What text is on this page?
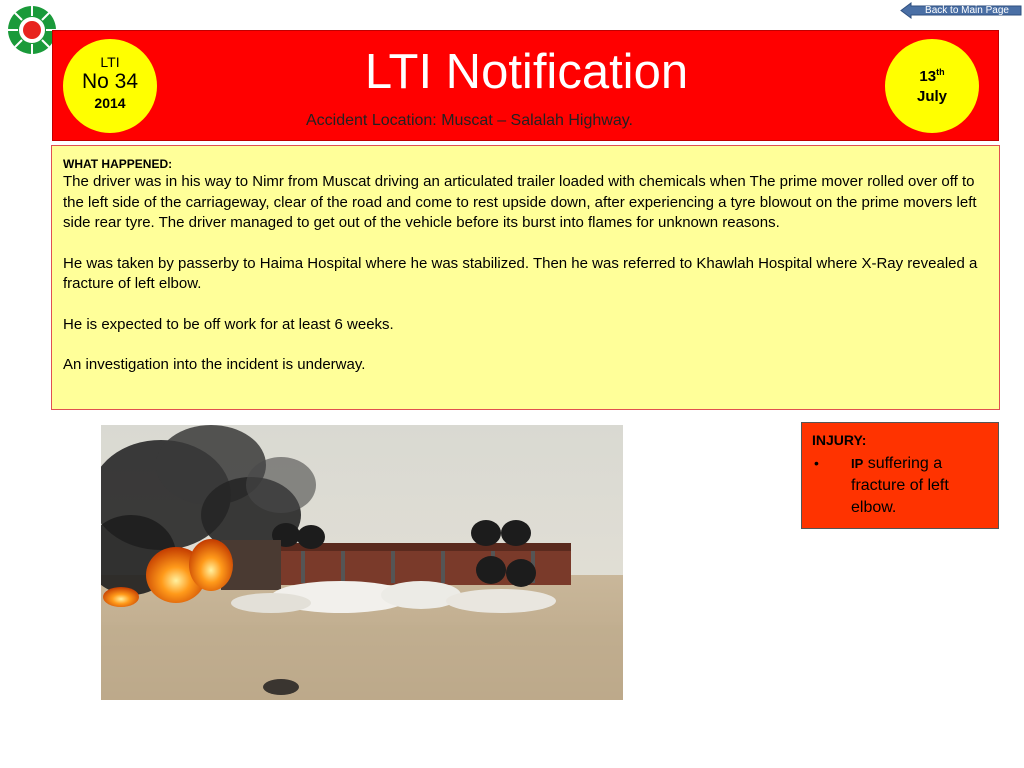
Back to Main Page
LTI
No 34
2014
LTI Notification
Accident Location: Muscat – Salalah Highway.
13th
July
WHAT HAPPENED:

The driver was in his way to Nimr from Muscat driving an articulated trailer loaded with chemicals when The prime mover rolled over off to the left side of the carriageway, clear of the road and come to rest upside down, after experiencing a tyre blowout on the prime movers left side rear tyre. The driver managed to get out of the vehicle before its burst into flames for unknown reasons.

He was taken by passerby to Haima Hospital where he was stabilized. Then he was referred to Khawlah Hospital where X-Ray revealed a fracture of left elbow.

He is expected to be off work for at least 6 weeks.

An investigation into the incident is underway.

INJURY:
• IP suffering a fracture of left elbow.
